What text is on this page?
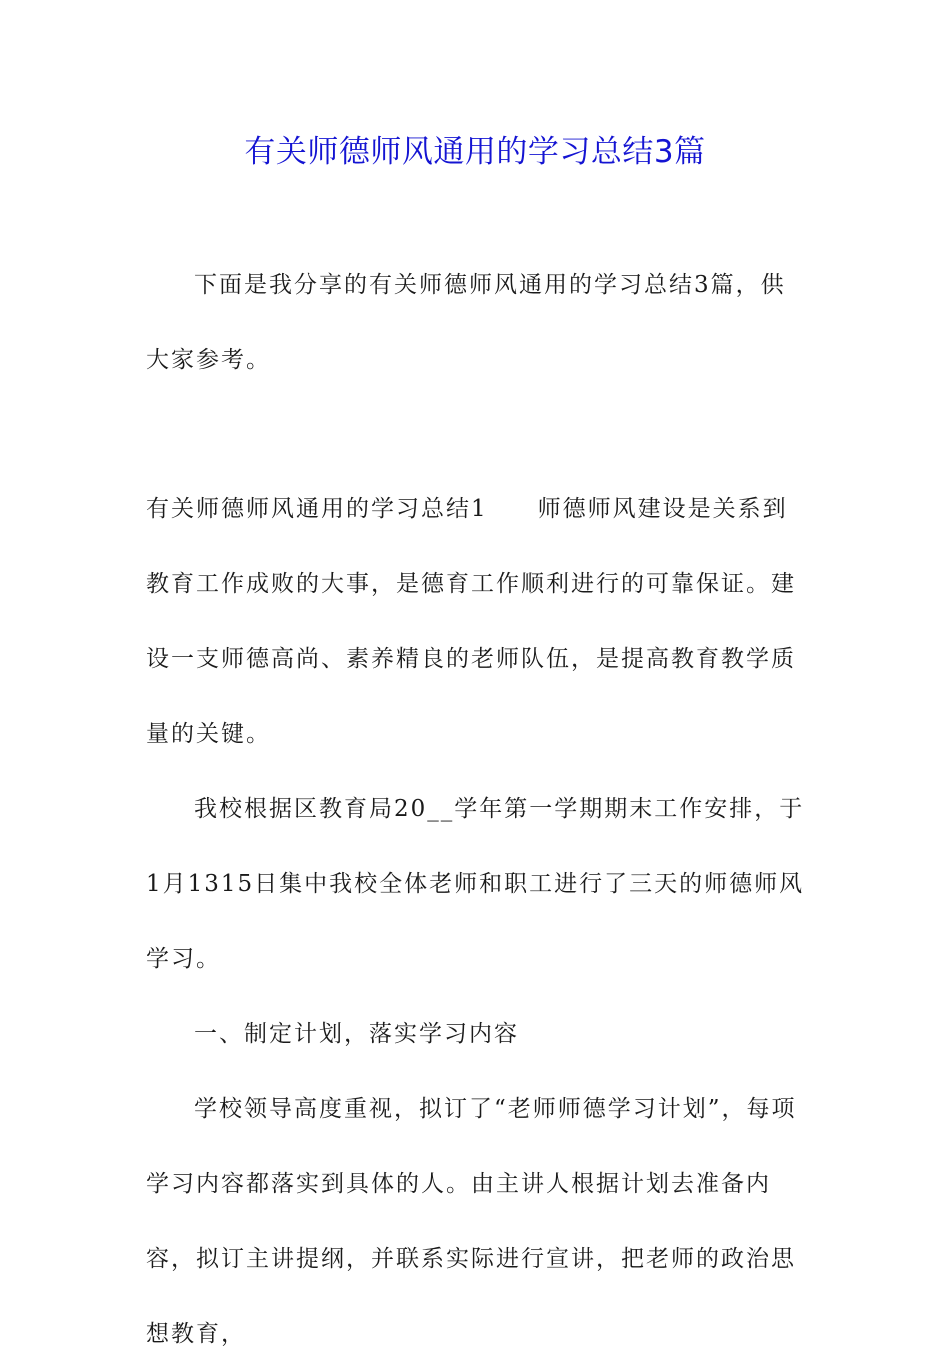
有关师德师风通用的学习总结3篇

下面是我分享的有关师德师风通用的学习总结3篇，供大家参考。

有关师德师风通用的学习总结1 师德师风建设是关系到教育工作成败的大事，是德育工作顺利进行的可靠保证。建设一支师德高尚、素养精良的老师队伍，是提高教育教学质量的关键。

我校根据区教育局20__学年第一学期期末工作安排，于1月1315日集中我校全体老师和职工进行了三天的师德师风学习。

一、制定计划，落实学习内容

学校领导高度重视，拟订了“老师师德学习计划”，每项学习内容都落实到具体的人。由主讲人根据计划去准备内容，拟订主讲提纲，并联系实际进行宣讲，把老师的政治思想教育，
